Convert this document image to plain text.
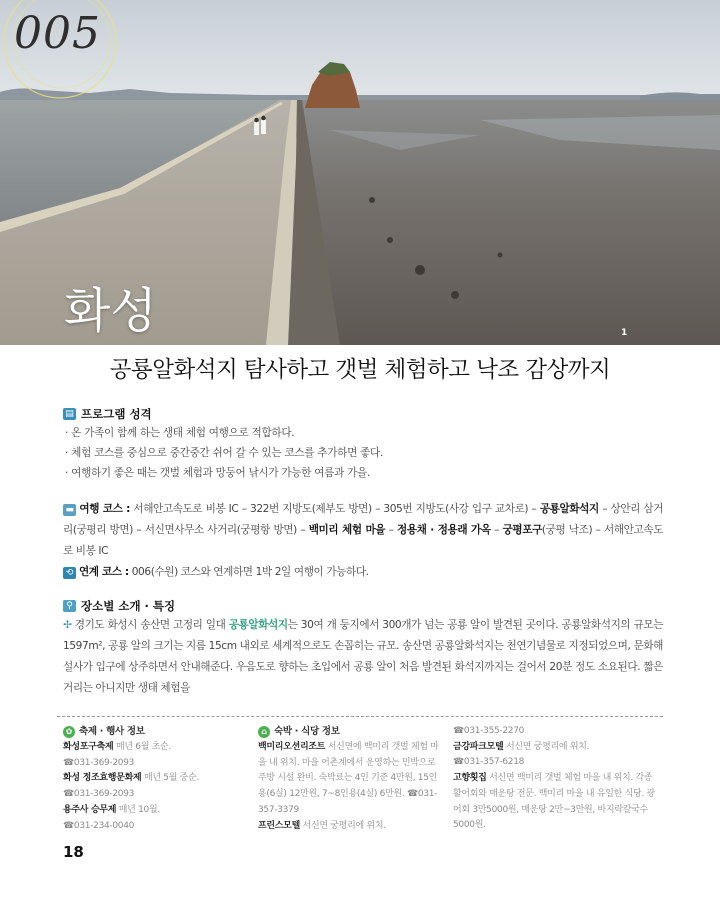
005
화성	1
공룡알화석지 탐사하고 갯벌 체험하고 낙조 감상까지
▤ 프로그램 성격
· 온 가족이 함께 하는 생태 체험 여행으로 적합하다.
· 체험 코스를 중심으로 중간중간 쉬어 갈 수 있는 코스를 추가하면 좋다.
· 여행하기 좋은 때는 갯벌 체험과 망둥어 낚시가 가능한 여름과 가을.
▬ 여행 코스 : 서해안고속도로 비봉 IC – 322번 지방도(제부도 방면) – 305번 지방도(사강 입구 교차로) – 공룡알화석지 – 상안리 삼거리(궁평리 방면) – 서신면사무소 사거리(궁평항 방면) – 백미리 체험 마을 – 정용채 · 정용래 가옥 – 궁평포구(궁평 낙조) – 서해안고속도로 비봉 IC
⟲ 연계 코스 : 006(수원) 코스와 연계하면 1박 2일 여행이 가능하다.
⚲ 장소별 소개 · 특징
✢ 경기도 화성시 송산면 고정리 일대 공룡알화석지는 30여 개 둥지에서 300개가 넘는 공룡 알이 발견된 곳이다. 공룡알화석지의 규모는 1597m², 공룡 알의 크기는 지름 15cm 내외로 세계적으로도 손꼽히는 규모. 송산면 공룡알화석지는 천연기념물로 지정되었으며, 문화해설사가 입구에 상주하면서 안내해준다. 우음도로 향하는 초입에서 공룡 알이 처음 발견된 화석지까지는 걸어서 20분 정도 소요된다. 짧은 거리는 아니지만 생태 체험을
✿ 축제 · 행사 정보
화성포구축제 매년 6월 초순.
☎031-369-2093
화성 정조효행문화제 매년 5월 중순.
☎031-369-2093
용주사 승무제 매년 10월.
☎031-234-0040
⌂ 숙박 · 식당 정보
백미리오션리조트 서신면에 백미리 갯벌 체험 마을 내 위치. 마을 어촌계에서 운영하는 민박으로 주방 시설 완비. 숙박료는 4인 기준 4만원, 15인용(6실) 12만원, 7~8인용(4실) 6만원. ☎031-357-3379
프린스모텔 서신면 궁평리에 위치.
☎031-355-2270
금강파크모텔 서신면 궁평리에 위치.
☎031-357-6218
고향횟집 서신면 백미리 갯벌 체험 마을 내 위치. 각종 활어회와 매운탕 전문. 백미리 마을 내 유일한 식당. 광어회 3만5000원, 매운탕 2만~3만원, 바지락칼국수 5000원.
18
